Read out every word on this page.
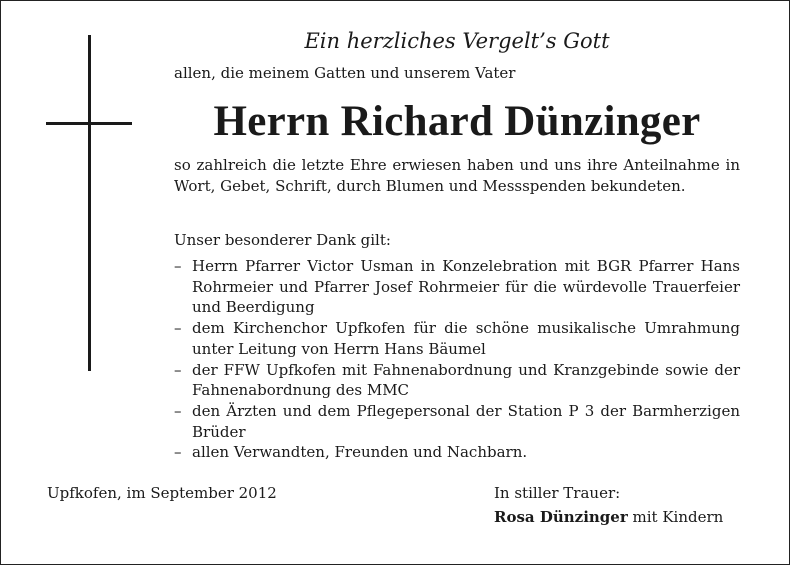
Ein herzliches Vergelt’s Gott
allen, die meinem Gatten und unserem Vater
Herrn Richard Dünzinger
so zahlreich die letzte Ehre erwiesen haben und uns ihre Anteilnahme in Wort, Gebet, Schrift, durch Blumen und Messspenden bekundeten.
Unser besonderer Dank gilt:
– Herrn Pfarrer Victor Usman in Konzelebration mit BGR Pfarrer Hans Rohrmeier und Pfarrer Josef Rohrmeier für die würdevolle Trauerfeier und Beerdigung
– dem Kirchenchor Upfkofen für die schöne musikalische Umrahmung unter Leitung von Herrn Hans Bäumel
– der FFW Upfkofen mit Fahnenabordnung und Kranzgebinde sowie der Fahnenabordnung des MMC
– den Ärzten und dem Pflegepersonal der Station P 3 der Barmherzigen Brüder
– allen Verwandten, Freunden und Nachbarn.
Upfkofen, im September 2012	In stiller Trauer:
Rosa Dünzinger mit Kindern
